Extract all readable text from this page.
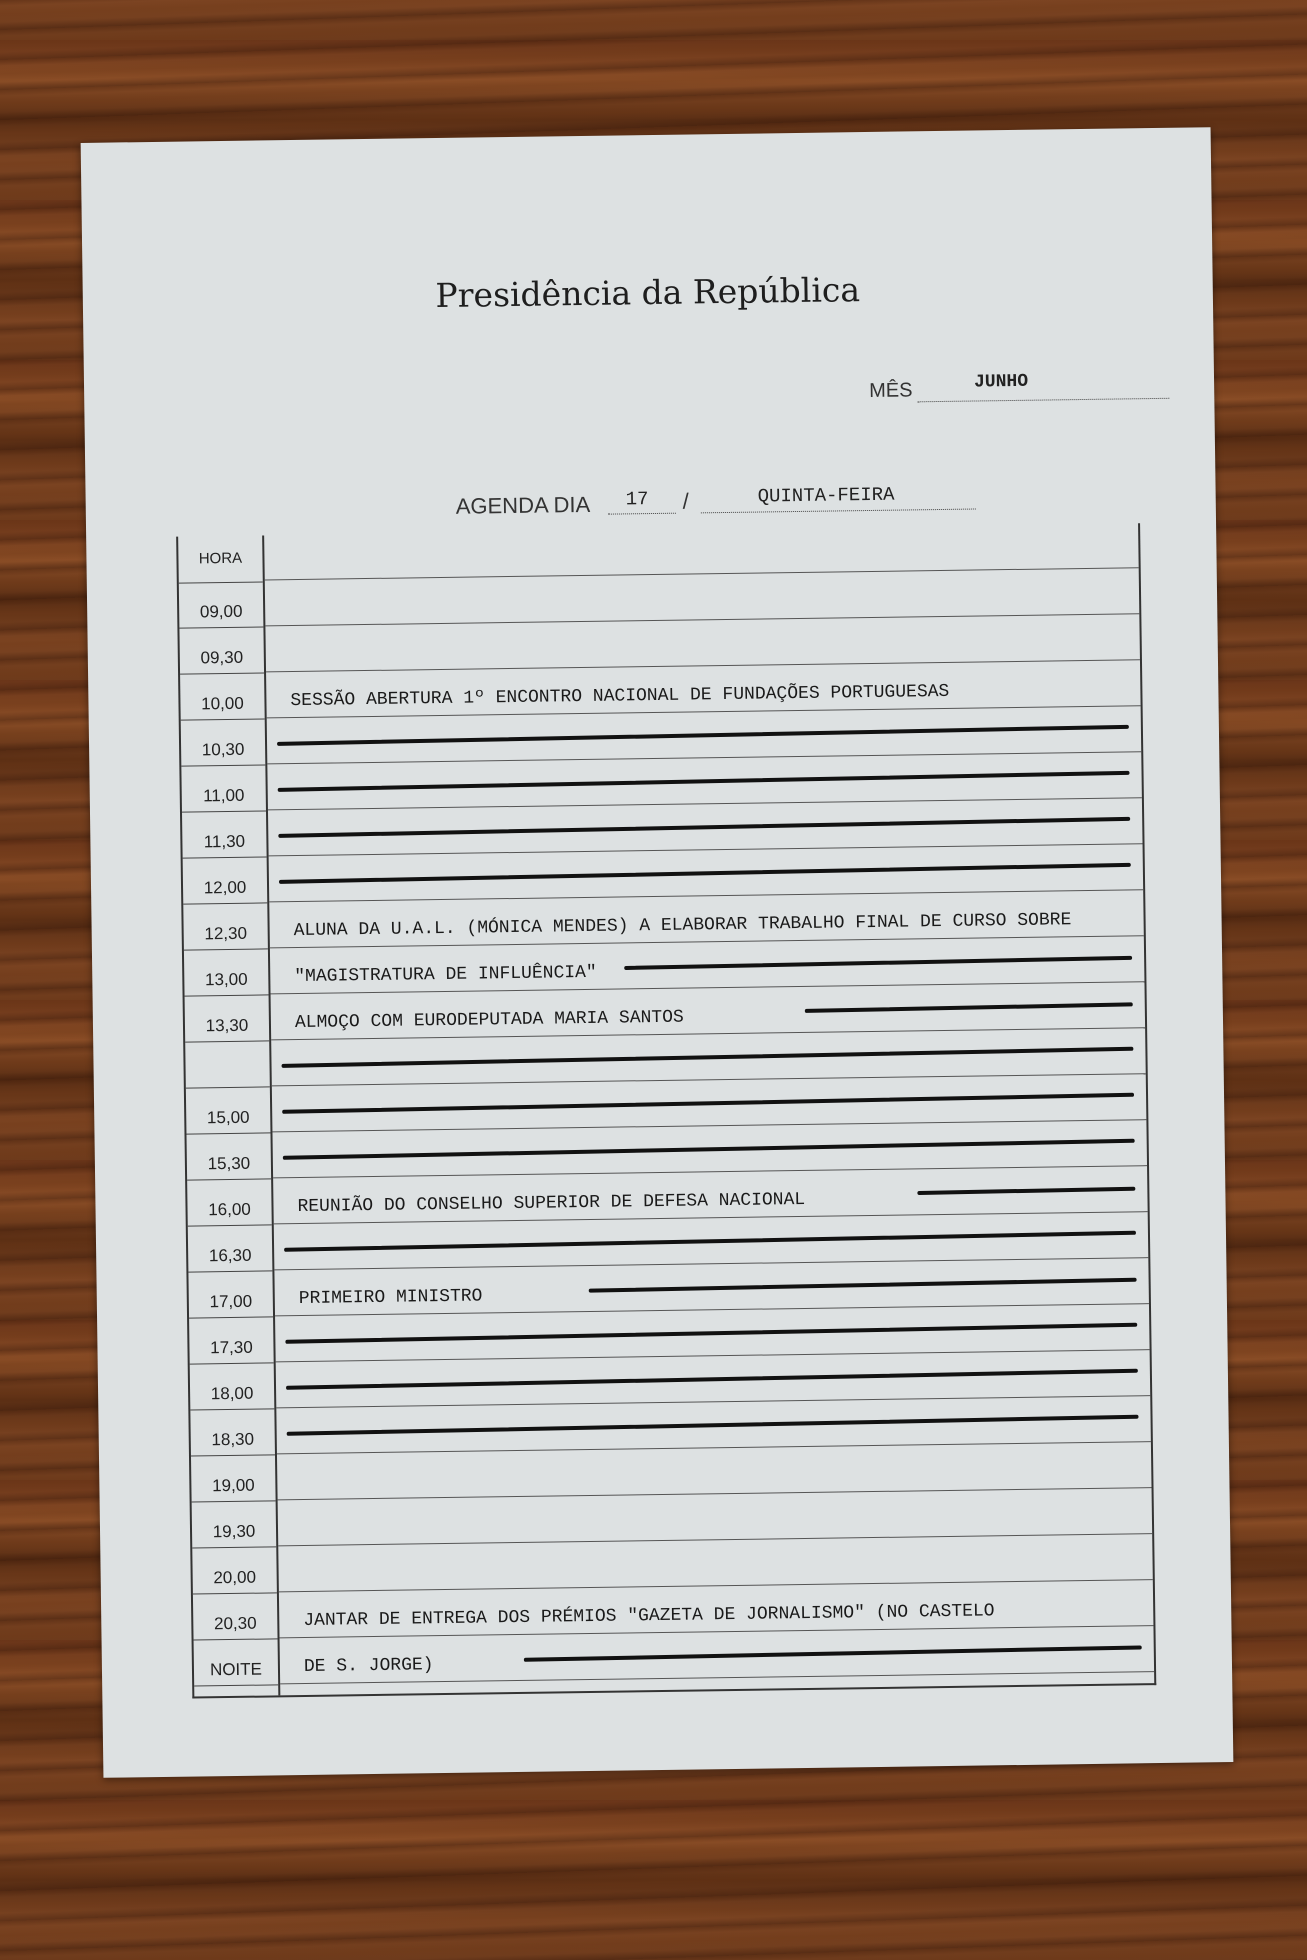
Presidência da República
MÊS	JUNHO
AGENDA DIA 17 /	QUINTA-FEIRA
HORA
09,00
09,30
10,00	SESSÃO ABERTURA 1º ENCONTRO NACIONAL DE FUNDAÇÕES PORTUGUESAS
10,30
11,00
11,30
12,00
12,30	ALUNA DA U.A.L. (MÓNICA MENDES) A ELABORAR TRABALHO FINAL DE CURSO SOBRE
13,00	"MAGISTRATURA DE INFLUÊNCIA"
13,30	ALMOÇO COM EURODEPUTADA MARIA SANTOS
15,00
15,30
16,00	REUNIÃO DO CONSELHO SUPERIOR DE DEFESA NACIONAL
16,30
17,00	PRIMEIRO MINISTRO
17,30
18,00
18,30
19,00
19,30
20,00
20,30	JANTAR DE ENTREGA DOS PRÉMIOS "GAZETA DE JORNALISMO" (NO CASTELO
NOITE	DE S. JORGE)
